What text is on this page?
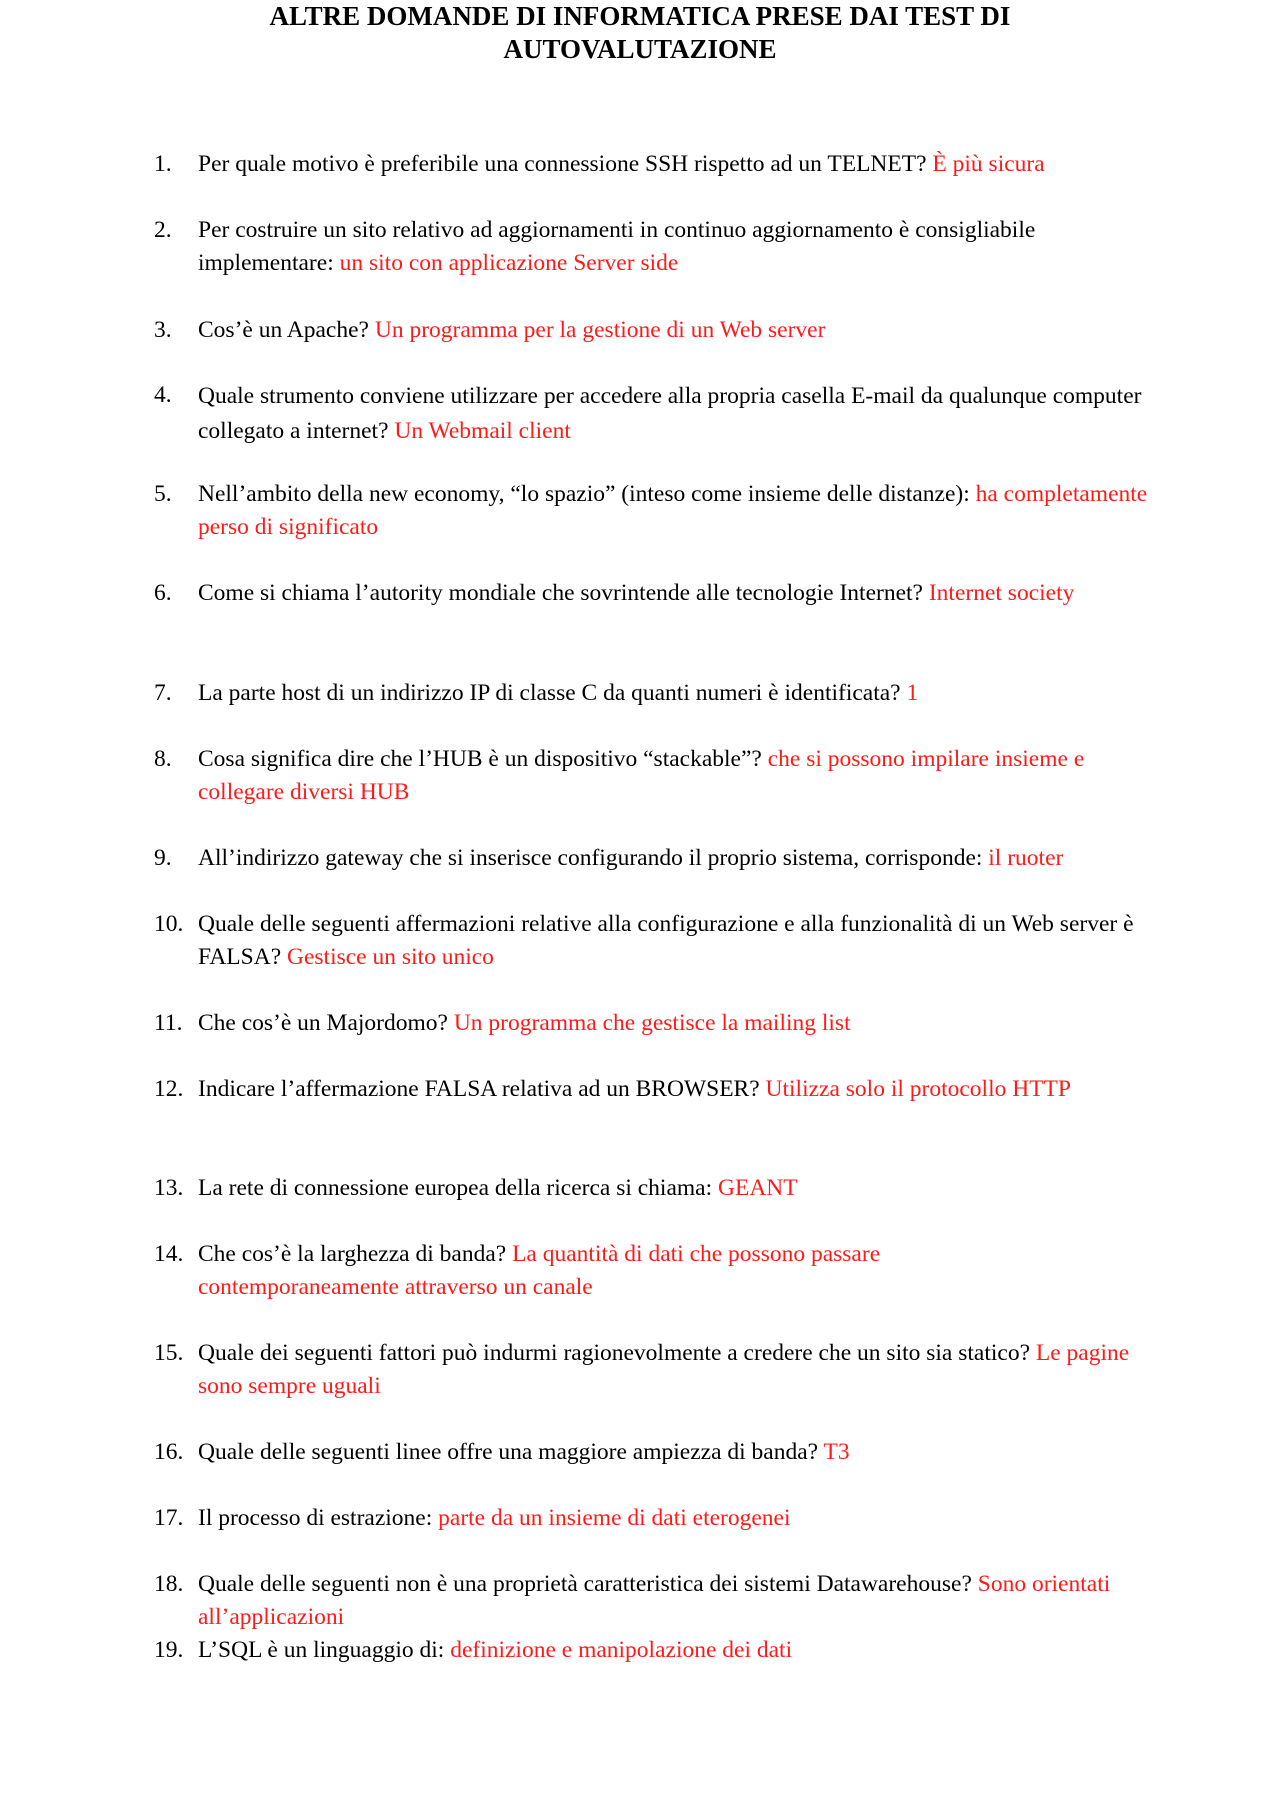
ALTRE DOMANDE DI INFORMATICA PRESE DAI TEST DI
AUTOVALUTAZIONE
1.	Per quale motivo è preferibile una connessione SSH rispetto ad un TELNET? È più sicura
2.	Per costruire un sito relativo ad aggiornamenti in continuo aggiornamento è consigliabile implementare: un sito con applicazione Server side
3.	Cos’è un Apache? Un programma per la gestione di un Web server
4.	Quale strumento conviene utilizzare per accedere alla propria casella E-mail da qualunque computer collegato a internet? Un Webmail client
5.	Nell’ambito della new economy, “lo spazio” (inteso come insieme delle distanze): ha completamente perso di significato
6.	Come si chiama l’autority mondiale che sovrintende alle tecnologie Internet? Internet society
7.	La parte host di un indirizzo IP di classe C da quanti numeri è identificata? 1
8.	Cosa significa dire che l’HUB è un dispositivo “stackable”? che si possono impilare insieme e collegare diversi HUB
9.	All’indirizzo gateway che si inserisce configurando il proprio sistema, corrisponde: il ruoter
10. Quale delle seguenti affermazioni relative alla configurazione e alla funzionalità di un Web server è FALSA? Gestisce un sito unico
11. Che cos’è un Majordomo? Un programma che gestisce la mailing list
12. Indicare l’affermazione FALSA relativa ad un BROWSER? Utilizza solo il protocollo HTTP
13. La rete di connessione europea della ricerca si chiama: GEANT
14. Che cos’è la larghezza di banda? La quantità di dati che possono passare contemporaneamente attraverso un canale
15. Quale dei seguenti fattori può indurmi ragionevolmente a credere che un sito sia statico? Le pagine sono sempre uguali
16. Quale delle seguenti linee offre una maggiore ampiezza di banda? T3
17. Il processo di estrazione: parte da un insieme di dati eterogenei
18. Quale delle seguenti non è una proprietà caratteristica dei sistemi Datawarehouse? Sono orientati all’applicazioni
19. L’SQL è un linguaggio di: definizione e manipolazione dei dati
